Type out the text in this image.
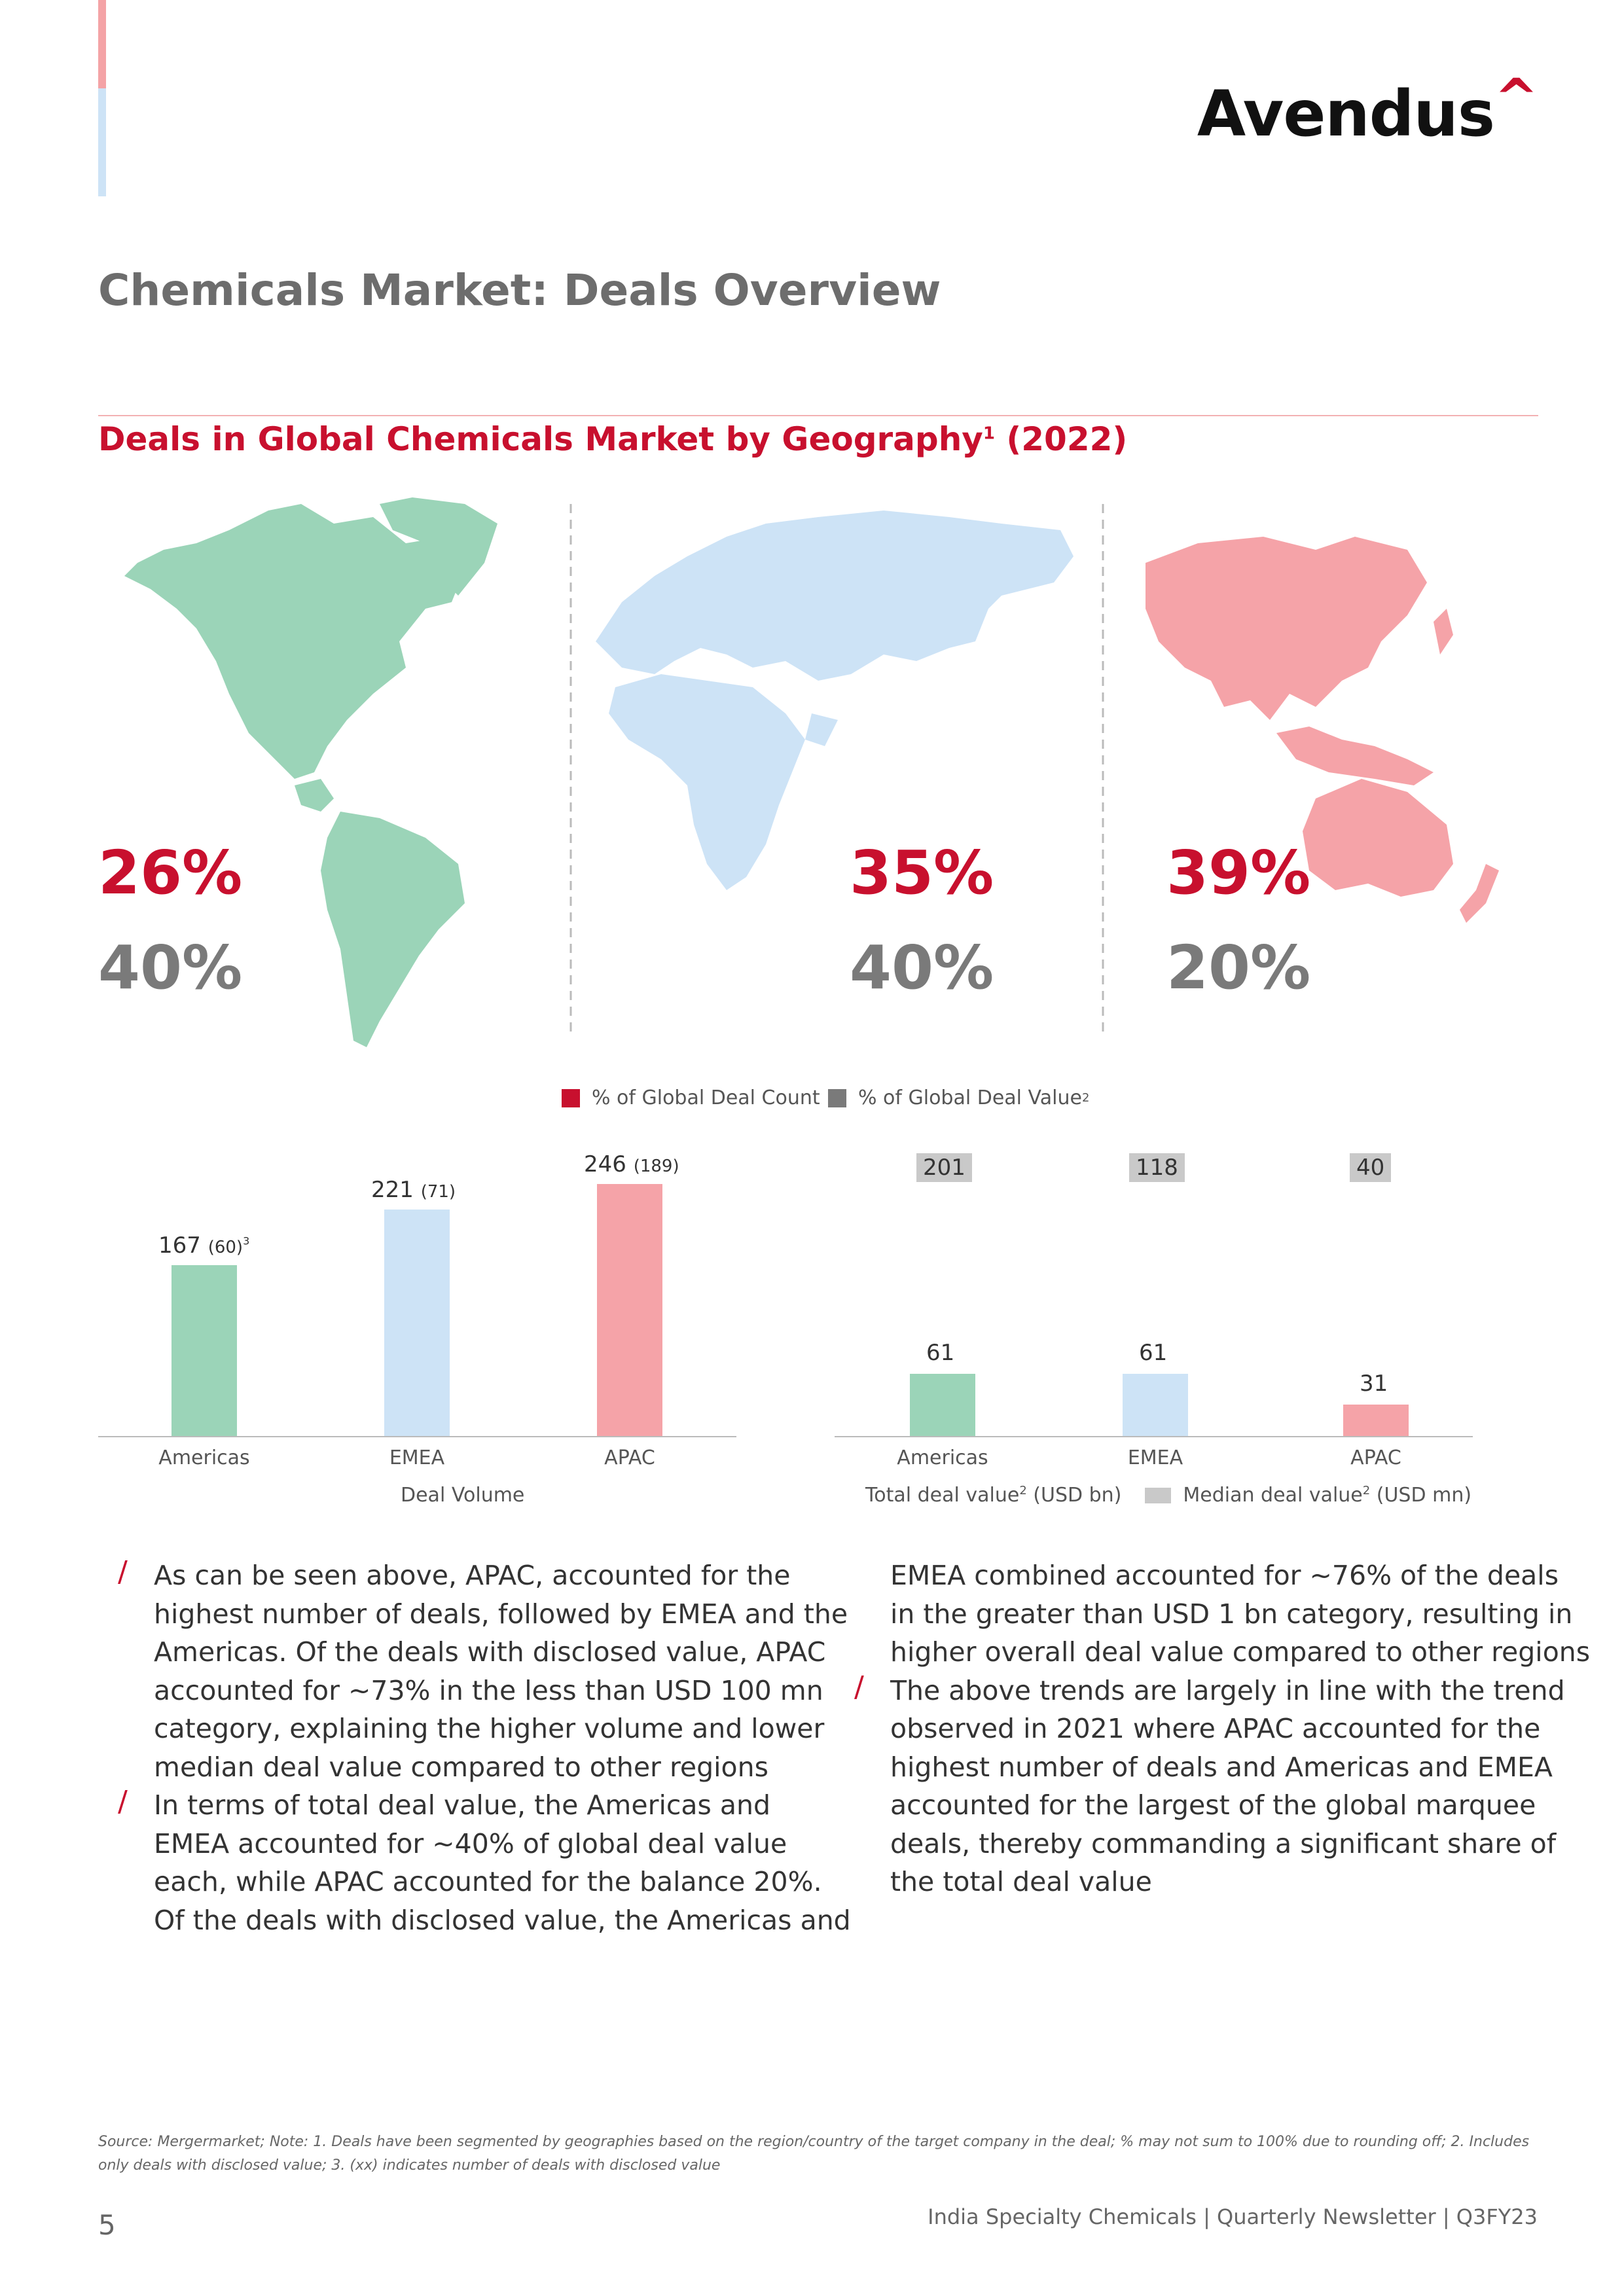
Avendus^
Chemicals Market: Deals Overview
Deals in Global Chemicals Market by Geography$^1$ (2022)
26%
40%
35%
40%
39%
20%
% of Global Deal Count % of Global Deal Value 2
167 $(60)^3$
Americas
221 (71)
EMEA
246 (189)
APAC
Deal Volume
61
201
Americas
61
118
EMEA
31
40
APAC
Total deal value$^2$ (USD bn)	Median deal value$^2$ (USD mn)
/ As can be seen above, APAC, accounted for the
highest number of deals, followed by EMEA and the
Americas. Of the deals with disclosed value, APAC
accounted for ~73% in the less than USD 100 mn
category, explaining the higher volume and lower
median deal value compared to other regions
/ In terms of total deal value, the Americas and
EMEA accounted for ~40% of global deal value
each, while APAC accounted for the balance 20%.
Of the deals with disclosed value, the Americas and
EMEA combined accounted for ~76% of the deals
in the greater than USD 1 bn category, resulting in
higher overall deal value compared to other regions
/ The above trends are largely in line with the trend
observed in 2021 where APAC accounted for the
highest number of deals and Americas and EMEA
accounted for the largest of the global marquee
deals, thereby commanding a significant share of
the total deal value
Source: Mergermarket; Note: 1. Deals have been segmented by geographies based on the region/country of the target company in the deal; % may not sum to 100% due to rounding off; 2. Includes
only deals with disclosed value; 3. (xx) indicates number of deals with disclosed value
5	India Specialty Chemicals | Quarterly Newsletter | Q3FY23
